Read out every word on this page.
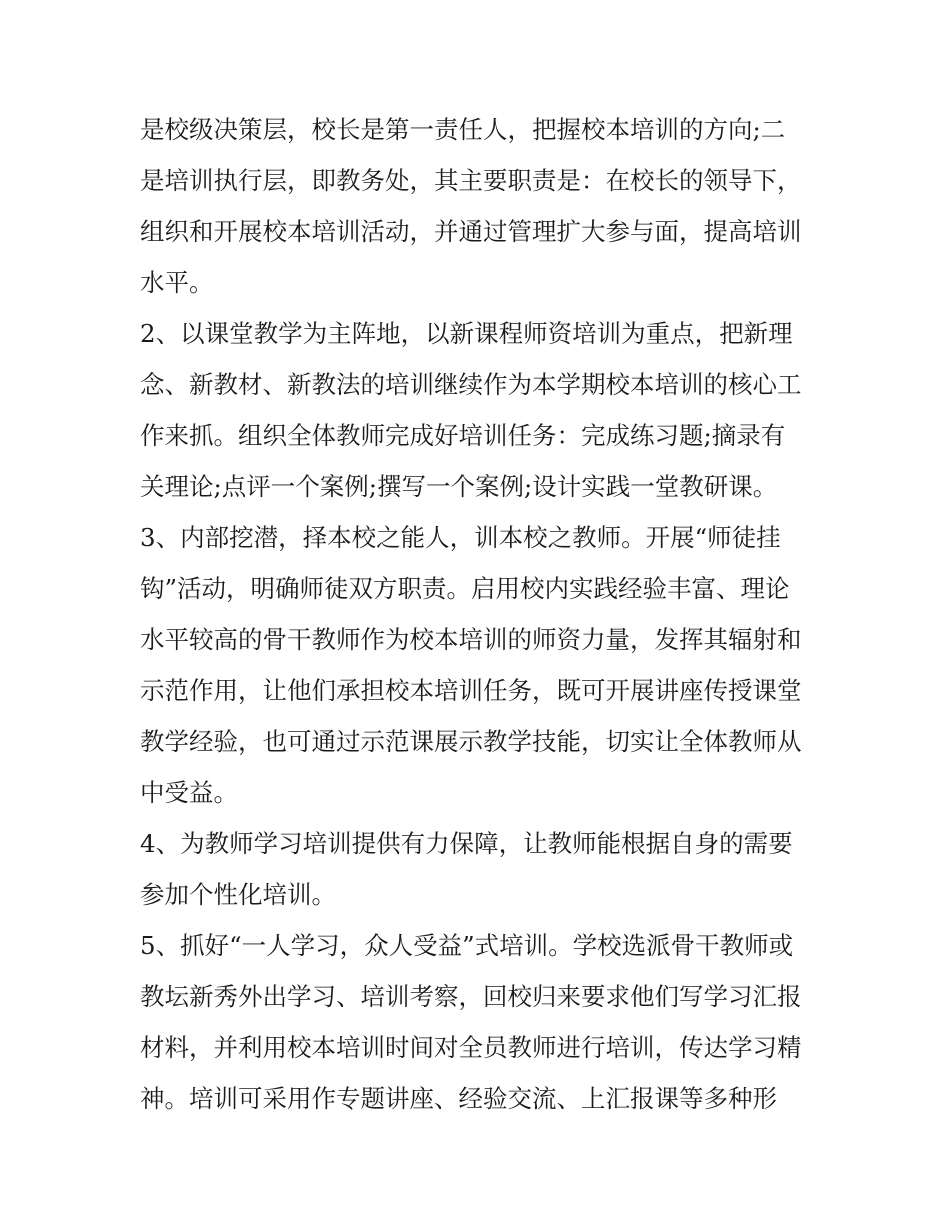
是校级决策层，校长是第一责任人，把握校本培训的方向;二
是培训执行层，即教务处，其主要职责是：在校长的领导下，
组织和开展校本培训活动，并通过管理扩大参与面，提高培训
水平。
2、以课堂教学为主阵地，以新课程师资培训为重点，把新理
念、新教材、新教法的培训继续作为本学期校本培训的核心工
作来抓。组织全体教师完成好培训任务：完成练习题;摘录有
关理论;点评一个案例;撰写一个案例;设计实践一堂教研课。
3、内部挖潜，择本校之能人，训本校之教师。开展“师徒挂
钩”活动，明确师徒双方职责。启用校内实践经验丰富、理论
水平较高的骨干教师作为校本培训的师资力量，发挥其辐射和
示范作用，让他们承担校本培训任务，既可开展讲座传授课堂
教学经验，也可通过示范课展示教学技能，切实让全体教师从
中受益。
4、为教师学习培训提供有力保障，让教师能根据自身的需要
参加个性化培训。
5、抓好“一人学习，众人受益”式培训。学校选派骨干教师或
教坛新秀外出学习、培训考察，回校归来要求他们写学习汇报
材料，并利用校本培训时间对全员教师进行培训，传达学习精
神。培训可采用作专题讲座、经验交流、上汇报课等多种形
